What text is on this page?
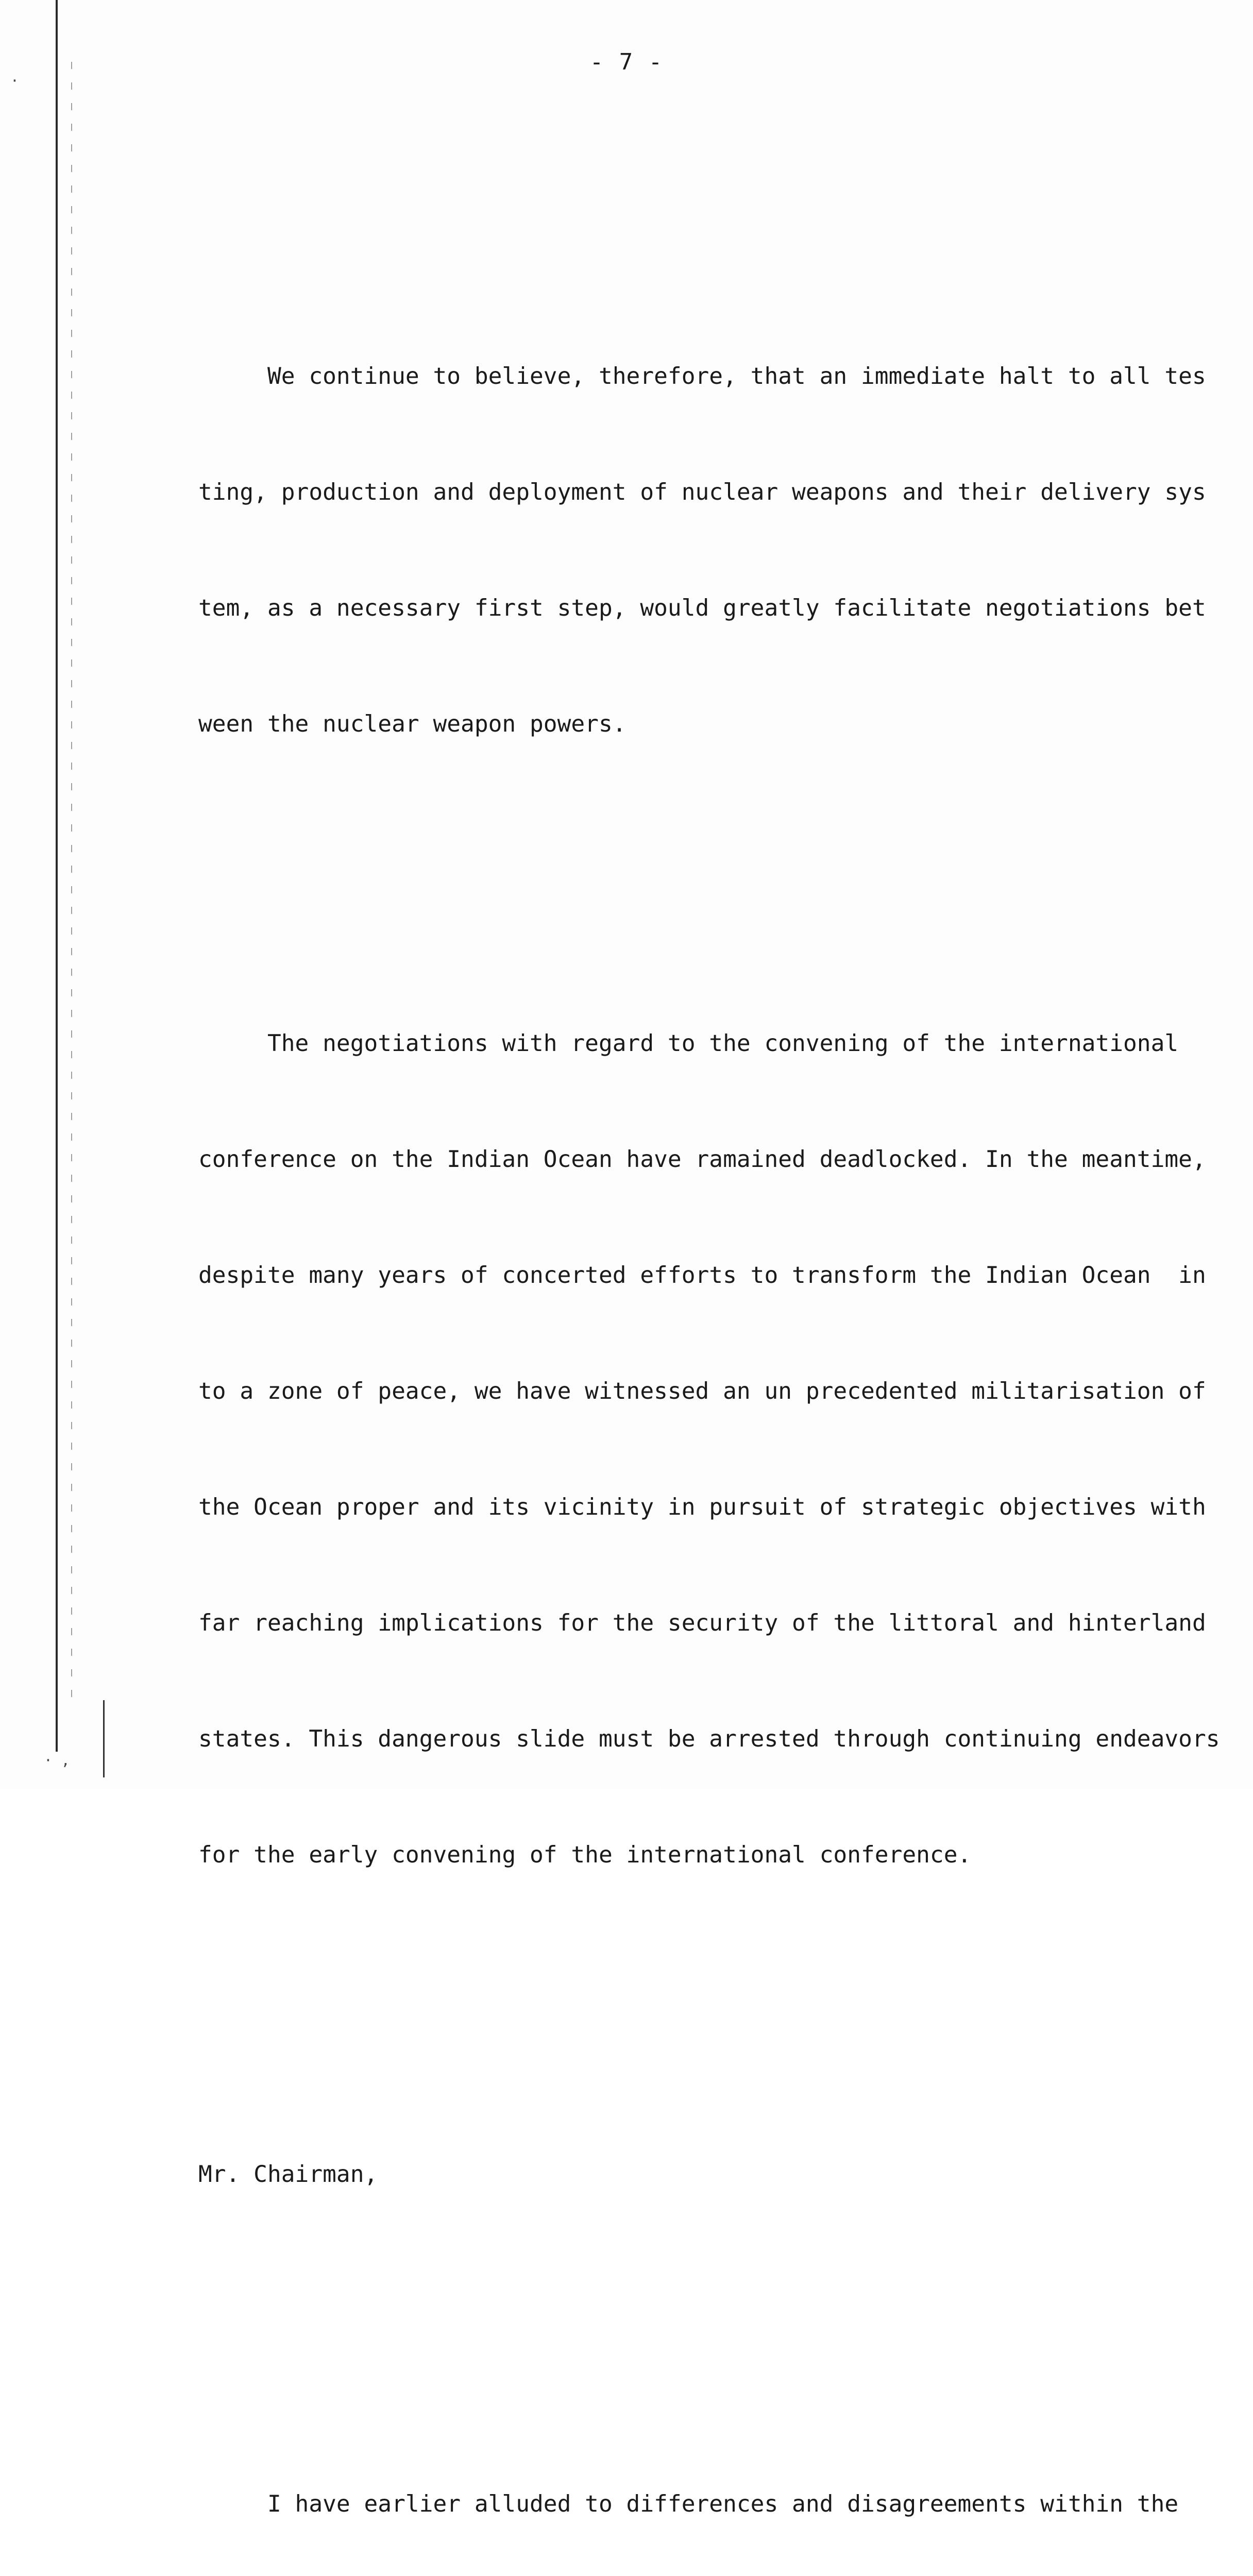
·
· ,
- 7 -

We continue to believe, therefore, that an immediate halt to all tes

ting, production and deployment of nuclear weapons and their delivery sys

tem, as a necessary first step, would greatly facilitate negotiations bet

ween the nuclear weapon powers.

The negotiations with regard to the convening of the international

conference on the Indian Ocean have ramained deadlocked. In the meantime,

despite many years of concerted efforts to transform the Indian Ocean  in

to a zone of peace, we have witnessed an un precedented militarisation of

the Ocean proper and its vicinity in pursuit of strategic objectives with

far reaching implications for the security of the littoral and hinterland

states. This dangerous slide must be arrested through continuing endeavors

for the early convening of the international conference.

Mr. Chairman,

I have earlier alluded to differences and disagreements within the
